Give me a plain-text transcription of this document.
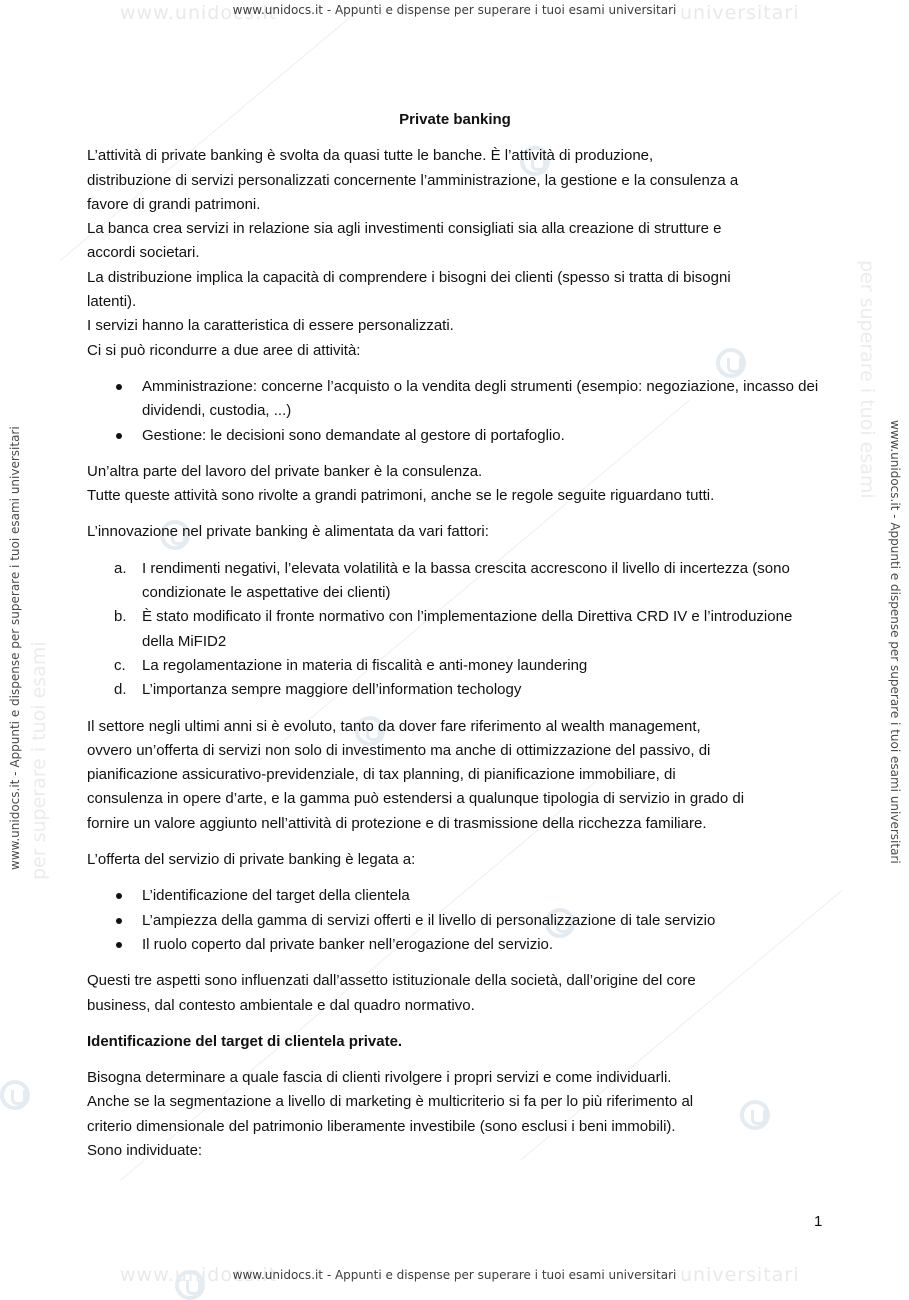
www.unidocs.it	universitari
www.unidocs.it	universitari
per superare i tuoi esami
per superare i tuoi esami
www.unidocs.it - Appunti e dispense per superare i tuoi esami universitari
www.unidocs.it - Appunti e dispense per superare i tuoi esami universitari
www.unidocs.it - Appunti e dispense per superare i tuoi esami universitari	www.unidocs.it - Appunti e dispense per superare i tuoi esami universitari
Private banking

L’attività di private banking è svolta da quasi tutte le banche. È l’attività di produzione,
distribuzione di servizi personalizzati concernente l’amministrazione, la gestione e la consulenza a
favore di grandi patrimoni.
La banca crea servizi in relazione sia agli investimenti consigliati sia alla creazione di strutture e
accordi societari.
La distribuzione implica la capacità di comprendere i bisogni dei clienti (spesso si tratta di bisogni
latenti).
I servizi hanno la caratteristica di essere personalizzati.
Ci si può ricondurre a due aree di attività:

Amministrazione: concerne l’acquisto o la vendita degli strumenti (esempio: negoziazione, incasso dei dividendi, custodia, ...)
Gestione: le decisioni sono demandate al gestore di portafoglio.

Un’altra parte del lavoro del private banker è la consulenza.
Tutte queste attività sono rivolte a grandi patrimoni, anche se le regole seguite riguardano tutti.

L’innovazione nel private banking è alimentata da vari fattori:

a. I rendimenti negativi, l’elevata volatilità e la bassa crescita accrescono il livello di incertezza (sono condizionate le aspettative dei clienti)
b. È stato modificato il fronte normativo con l’implementazione della Direttiva CRD IV e l’introduzione della MiFID2
c. La regolamentazione in materia di fiscalità e anti-money laundering
d. L’importanza sempre maggiore dell’information techology

Il settore negli ultimi anni si è evoluto, tanto da dover fare riferimento al wealth management,
ovvero un’offerta di servizi non solo di investimento ma anche di ottimizzazione del passivo, di
pianificazione assicurativo-previdenziale, di tax planning, di pianificazione immobiliare, di
consulenza in opere d’arte, e la gamma può estendersi a qualunque tipologia di servizio in grado di
fornire un valore aggiunto nell’attività di protezione e di trasmissione della ricchezza familiare.

L’offerta del servizio di private banking è legata a:

L’identificazione del target della clientela
L’ampiezza della gamma di servizi offerti e il livello di personalizzazione di tale servizio
Il ruolo coperto dal private banker nell’erogazione del servizio.

Questi tre aspetti sono influenzati dall’assetto istituzionale della società, dall’origine del core
business, dal contesto ambientale e dal quadro normativo.

Identificazione del target di clientela private.

Bisogna determinare a quale fascia di clienti rivolgere i propri servizi e come individuarli.
Anche se la segmentazione a livello di marketing è multicriterio si fa per lo più riferimento al
criterio dimensionale del patrimonio liberamente investibile (sono esclusi i beni immobili).
Sono individuate:

1
